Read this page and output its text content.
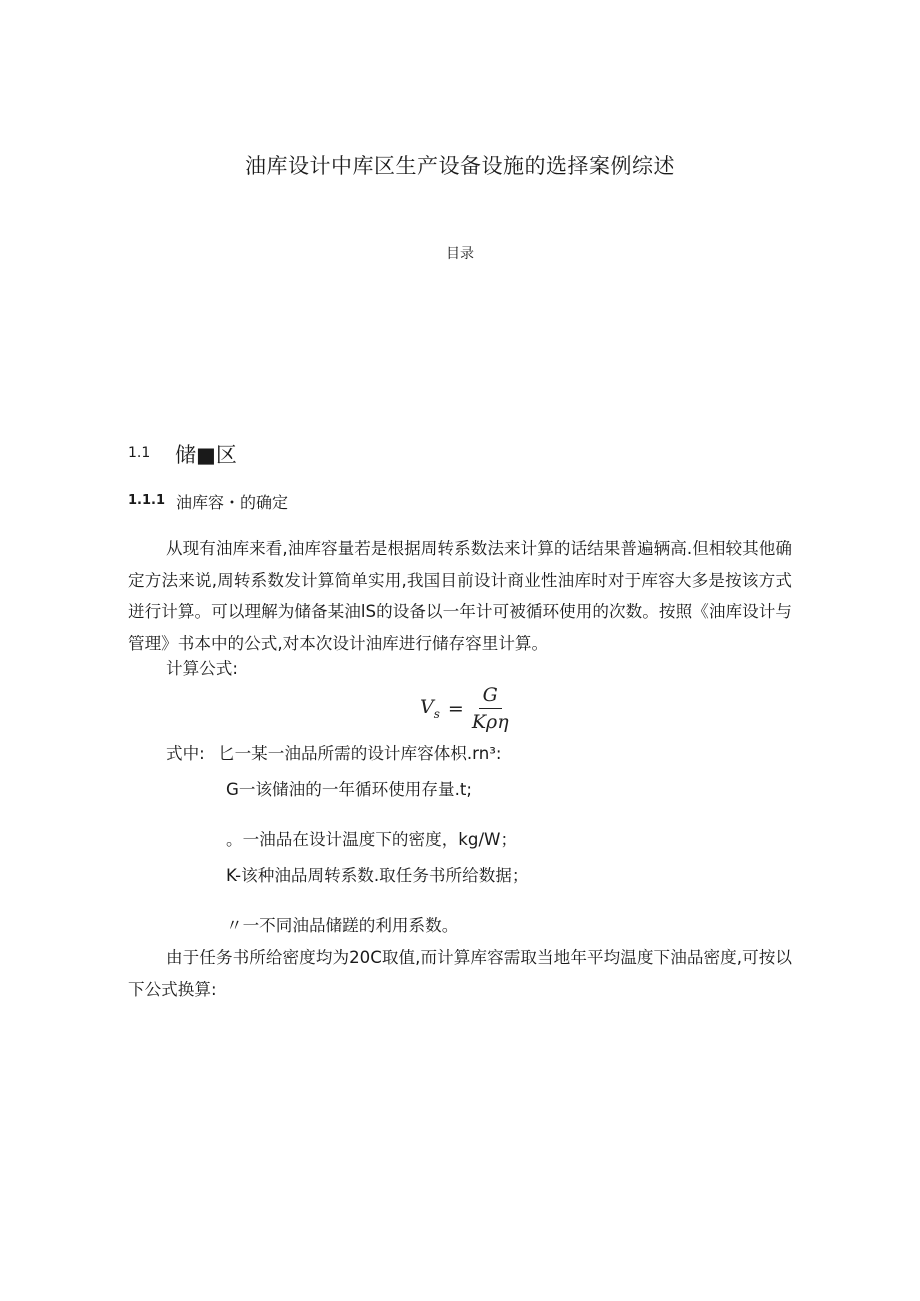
油库设计中库区生产设备设施的选择案例综述
目录
1.1 储■区
1.1.1 油库容・的确定

从现有油库来看,油库容量若是根据周转系数法来计算的话结果普遍辆高.但相较其他确定方法来说,周转系数发计算简单实用,我国目前设计商业性油库时对于库容大多是按该方式迸行计算。可以理解为储备某油lS的设备以一年计可被循环使用的次数。按照《油库设计与管理》书本中的公式,对本次设计油库进行储存容里计算。

计算公式:
$V_s = \frac{G}{\text{Kρη}}$
式中: 匕一某一油品所需的设计库容体枳.rn³:
G一该储油的一年循环使用存量.t;
。一油品在设计温度下的密度，kg/W；
K-该种油品周转系数.取任务书所给数据；
〃一不同油品储蹉的利用系数。

由于任务书所给密度均为20C取值,而计算库容需取当地年平均温度下油品密度,可按以下公式换算:
